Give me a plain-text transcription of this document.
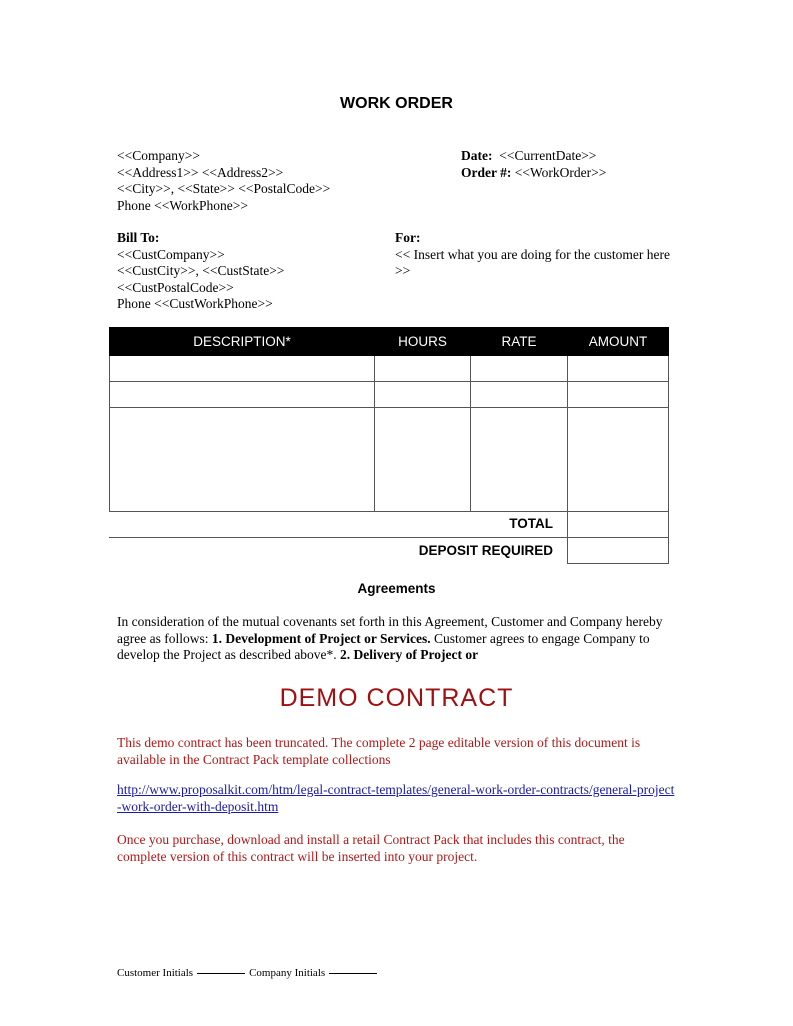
WORK ORDER
<<Company>>
<<Address1>> <<Address2>>
<<City>>, <<State>> <<PostalCode>>
Phone <<WorkPhone>>
Date: <<CurrentDate>>
Order #: <<WorkOrder>>
Bill To:
<<CustCompany>>
<<CustCity>>, <<CustState>>
<<CustPostalCode>>
Phone <<CustWorkPhone>>
For:
<< Insert what you are doing for the customer here >>
DESCRIPTION*	HOURS	RATE	AMOUNT

TOTAL
DEPOSIT REQUIRED
Agreements
In consideration of the mutual covenants set forth in this Agreement, Customer and Company hereby agree as follows: 1. Development of Project or Services. Customer agrees to engage Company to develop the Project as described above*. 2. Delivery of Project or
DEMO CONTRACT
This demo contract has been truncated. The complete 2 page editable version of this document is available in the Contract Pack template collections
http://www.proposalkit.com/htm/legal-contract-templates/general-work-order-contracts/general-project-work-order-with-deposit.htm
Once you purchase, download and install a retail Contract Pack that includes this contract, the complete version of this contract will be inserted into your project.
Customer Initials	Company Initials
